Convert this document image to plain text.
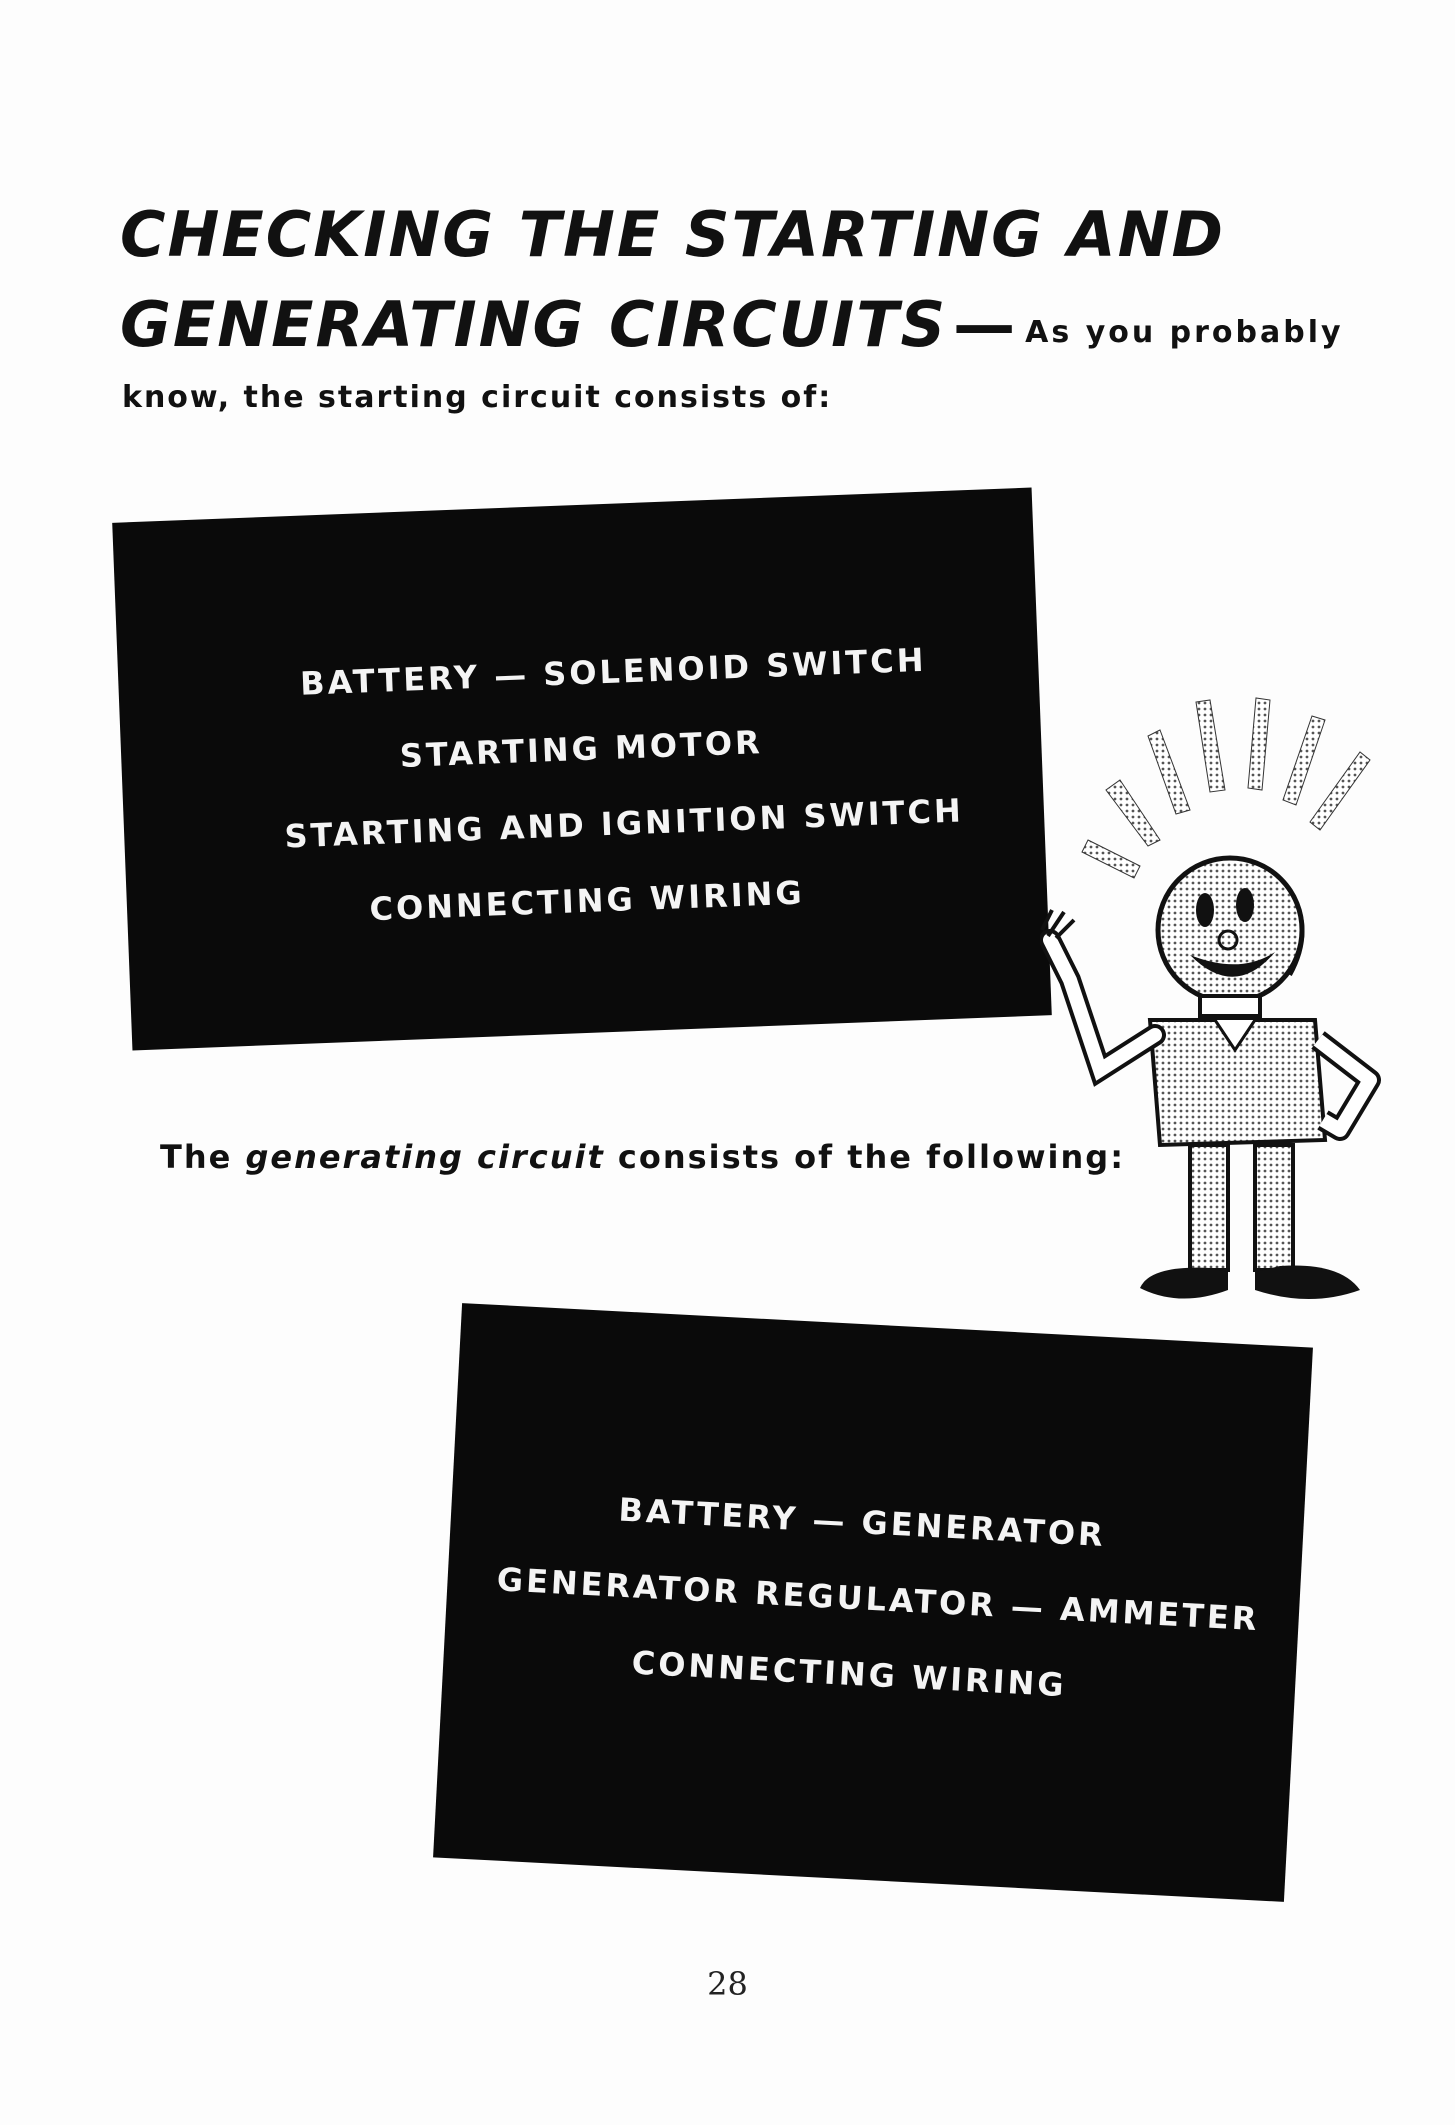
CHECKING THE STARTING AND
GENERATING CIRCUITS— As you probably
know, the starting circuit consists of:
BATTERY — SOLENOID SWITCH
STARTING MOTOR
STARTING AND IGNITION SWITCH
CONNECTING WIRING
The generating circuit consists of the following:
BATTERY — GENERATOR
GENERATOR REGULATOR — AMMETER
CONNECTING WIRING
28
